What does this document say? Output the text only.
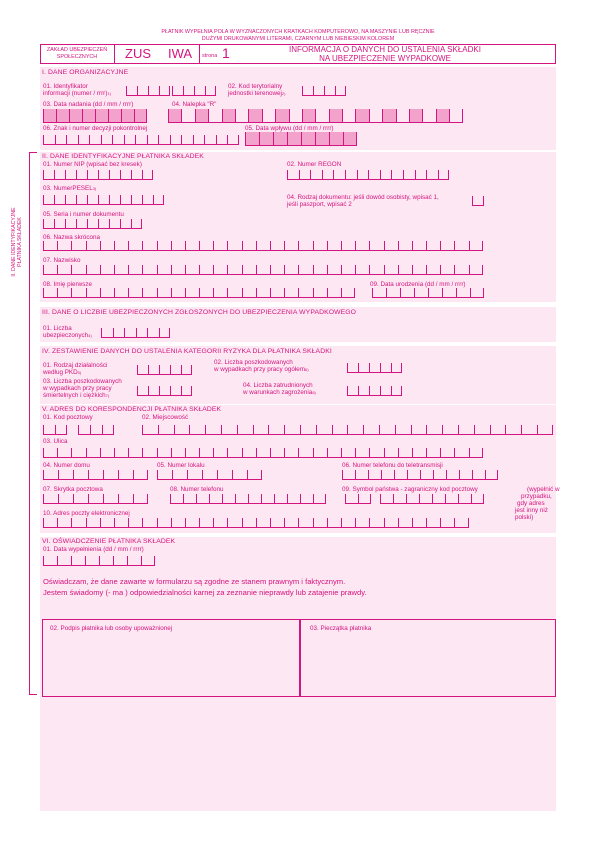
PŁATNIK WYPEŁNIA POLA W WYZNACZONYCH KRATKACH KOMPUTEROWO, NA MASZYNIE LUB RĘCZNIE
DUŻYMI DRUKOWANYMI LITERAMI, CZARNYM LUB NIEBIESKIM KOLOREM
ZAKŁAD UBEZPIECZEŃ
SPOŁECZNYCH	ZUS IWA strona 1	INFORMACJA O DANYCH DO USTALENIA SKŁADKI
NA UBEZPIECZENIE WYPADKOWE
I. DANE ORGANIZACYJNE
01. Identyfikator
informacji (numer / rrrr)$^{1)}$
02. Kod terytorialny
jednostki terenowej$^{2)}$
03. Data nadania (dd / mm / rrrr)	04. Nalepka "R"
06. Znak i numer decyzji pokontrolnej	05. Data wpływu (dd / mm / rrrr)
II. DANE IDENTYFIKACYJNE PŁATNIKA SKŁADEK
01. Numer NIP (wpisać bez kresek)	02. Numer REGON
03. NumerPESEL$^{3)}$
04. Rodzaj dokumentu: jeśli dowód osobisty, wpisać 1,
jeśli paszport, wpisać 2
05. Seria i numer dokumentu
06. Nazwa skrócona
07. Nazwisko
08. Imię pierwsze	09. Data urodzenia (dd / mm / rrrr)
II. DANE IDENTYFIKACYJNE PŁATNIKA SKŁADEK
III. DANE O LICZBIE UBEZPIECZONYCH ZGŁOSZONYCH DO UBEZPIECZENIA WYPADKOWEGO
01. Liczba
ubezpieczonych$^{4)}$
IV. ZESTAWIENIE DANYCH DO USTALENIA KATEGORII RYZYKA DLA PŁATNIKA SKŁADKI
01. Rodzaj działalności
według PKD$^{5)}$
02. Liczba poszkodowanych
w wypadkach przy pracy ogółem$^{6)}$
03. Liczba poszkodowanych
w wypadkach przy pracy
śmiertelnych i ciężkich$^{7)}$
04. Liczba zatrudnionych
w warunkach zagrożenia$^{8)}$
V. ADRES DO KORESPONDENCJI PŁATNIKA SKŁADEK
01. Kod pocztowy	02. Miejscowość
03. Ulica
04. Numer domu	05. Numer lokalu	06. Numer telefonu do teletransmisji
07. Skrytka pocztowa	08. Numer telefonu	09. Symbol państwa - zagraniczny kod pocztowy	(wypełnić w
przypadku,
gdy adres
jest inny niż
polski)
10. Adres poczty elektronicznej
VI. OŚWIADCZENIE PŁATNIKA SKŁADEK
01. Data wypełnienia (dd / mm / rrrr)
Oświadczam, że dane zawarte w formularzu są zgodne ze stanem prawnym i faktycznym.
Jestem świadomy (- ma ) odpowiedzialności karnej za zeznanie nieprawdy lub zatajenie prawdy.
02. Podpis płatnika lub osoby upoważnionej	03. Pieczątka płatnika
